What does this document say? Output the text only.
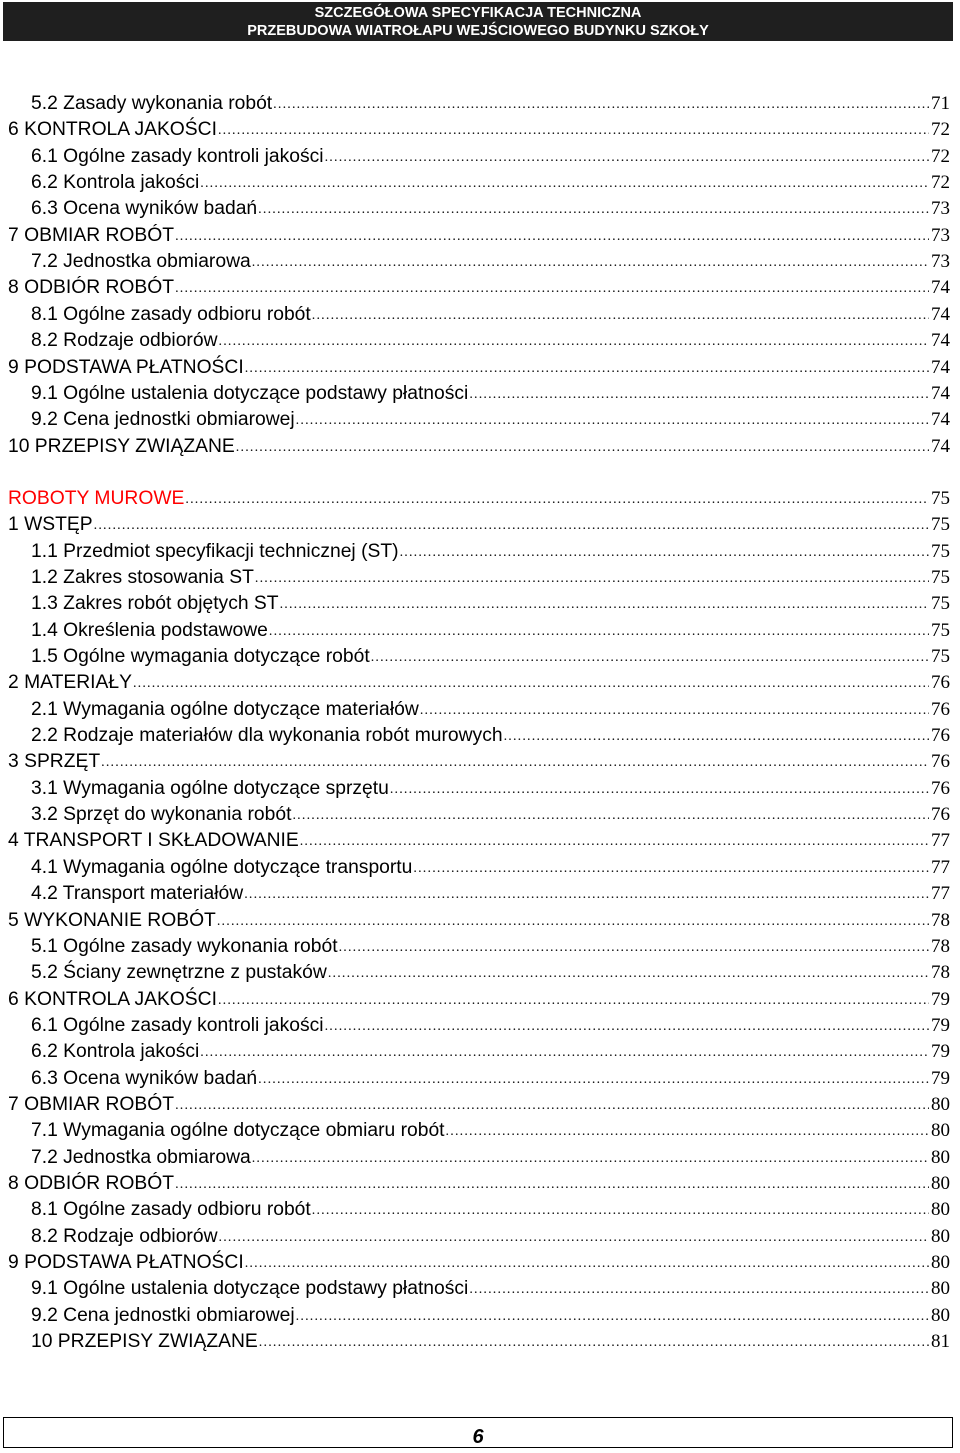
SZCZEGÓŁOWA SPECYFIKACJA TECHNICZNA
PRZEBUDOWA WIATROŁAPU WEJŚCIOWEGO BUDYNKU SZKOŁY
5.2 Zasady wykonania robót .....	71
6 KONTROLA JAKOŚCI .....	72
6.1 Ogólne zasady kontroli jakości .....	72
6.2 Kontrola jakości .....	72
6.3 Ocena wyników badań .....	73
7 OBMIAR ROBÓT .....	73
7.2 Jednostka obmiarowa .....	73
8 ODBIÓR ROBÓT .....	74
8.1 Ogólne zasady odbioru robót .....	74
8.2 Rodzaje odbiorów .....	74
9 PODSTAWA PŁATNOŚCI .....	74
9.1 Ogólne ustalenia dotyczące podstawy płatności .....	74
9.2 Cena jednostki obmiarowej .....	74
10 PRZEPISY ZWIĄZANE .....	74
ROBOTY MUROWE .....	75
1 WSTĘP .....	75
1.1 Przedmiot specyfikacji technicznej (ST) .....	75
1.2 Zakres stosowania ST .....	75
1.3 Zakres robót objętych ST .....	75
1.4 Określenia podstawowe .....	75
1.5 Ogólne wymagania dotyczące robót .....	75
2 MATERIAŁY .....	76
2.1 Wymagania ogólne dotyczące materiałów .....	76
2.2 Rodzaje materiałów dla wykonania robót murowych .....	76
3 SPRZĘT .....	76
3.1 Wymagania ogólne dotyczące sprzętu .....	76
3.2 Sprzęt do wykonania robót .....	76
4 TRANSPORT I SKŁADOWANIE .....	77
4.1 Wymagania ogólne dotyczące transportu .....	77
4.2 Transport materiałów .....	77
5 WYKONANIE ROBÓT .....	78
5.1 Ogólne zasady wykonania robót .....	78
5.2 Ściany zewnętrzne z pustaków .....	78
6 KONTROLA JAKOŚCI .....	79
6.1 Ogólne zasady kontroli jakości .....	79
6.2 Kontrola jakości .....	79
6.3 Ocena wyników badań .....	79
7 OBMIAR ROBÓT .....	80
7.1 Wymagania ogólne dotyczące obmiaru robót .....	80
7.2 Jednostka obmiarowa .....	80
8 ODBIÓR ROBÓT .....	80
8.1 Ogólne zasady odbioru robót .....	80
8.2 Rodzaje odbiorów .....	80
9 PODSTAWA PŁATNOŚCI .....	80
9.1 Ogólne ustalenia dotyczące podstawy płatności .....	80
9.2 Cena jednostki obmiarowej .....	80
10 PRZEPISY ZWIĄZANE .....	81
6
